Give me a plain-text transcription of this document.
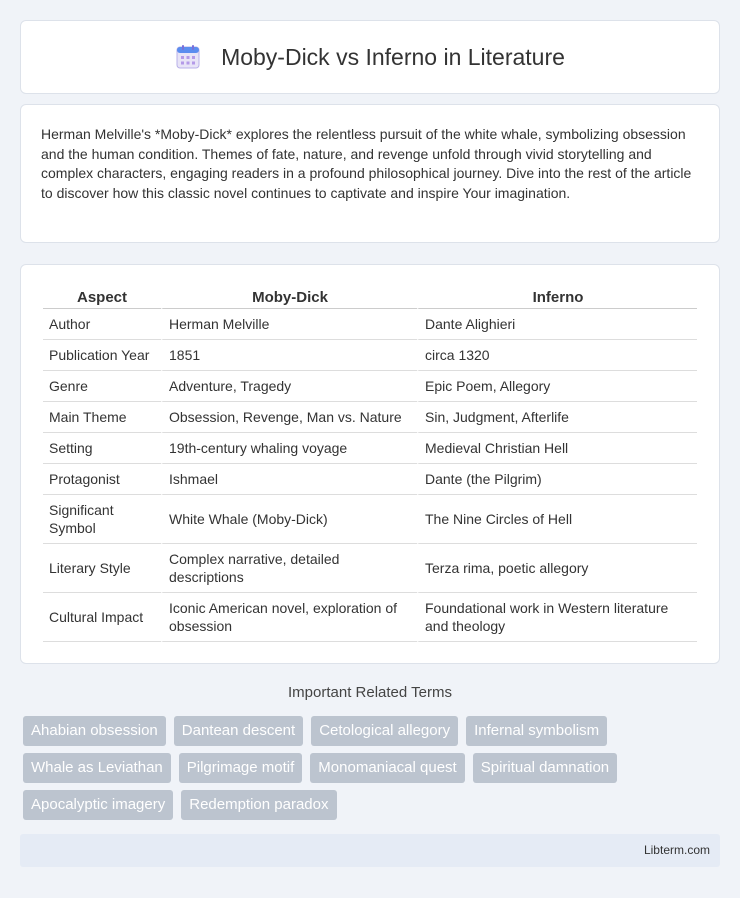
Moby-Dick vs Inferno in Literature

Herman Melville's *Moby-Dick* explores the relentless pursuit of the white whale, symbolizing obsession and the human condition. Themes of fate, nature, and revenge unfold through vivid storytelling and complex characters, engaging readers in a profound philosophical journey. Dive into the rest of the article to discover how this classic novel continues to captivate and inspire Your imagination.

Aspect	Moby-Dick	Inferno
Author	Herman Melville	Dante Alighieri
Publication Year	1851	circa 1320
Genre	Adventure, Tragedy	Epic Poem, Allegory
Main Theme	Obsession, Revenge, Man vs. Nature	Sin, Judgment, Afterlife
Setting	19th-century whaling voyage	Medieval Christian Hell
Protagonist	Ishmael	Dante (the Pilgrim)
Significant Symbol	White Whale (Moby-Dick)	The Nine Circles of Hell
Literary Style	Complex narrative, detailed descriptions	Terza rima, poetic allegory
Cultural Impact	Iconic American novel, exploration of obsession	Foundational work in Western literature and theology
Important Related Terms
Ahabian obsession	Dantean descent	Cetological allegory	Infernal symbolism
Whale as Leviathan	Pilgrimage motif	Monomaniacal quest	Spiritual damnation
Apocalyptic imagery	Redemption paradox
Libterm.com
